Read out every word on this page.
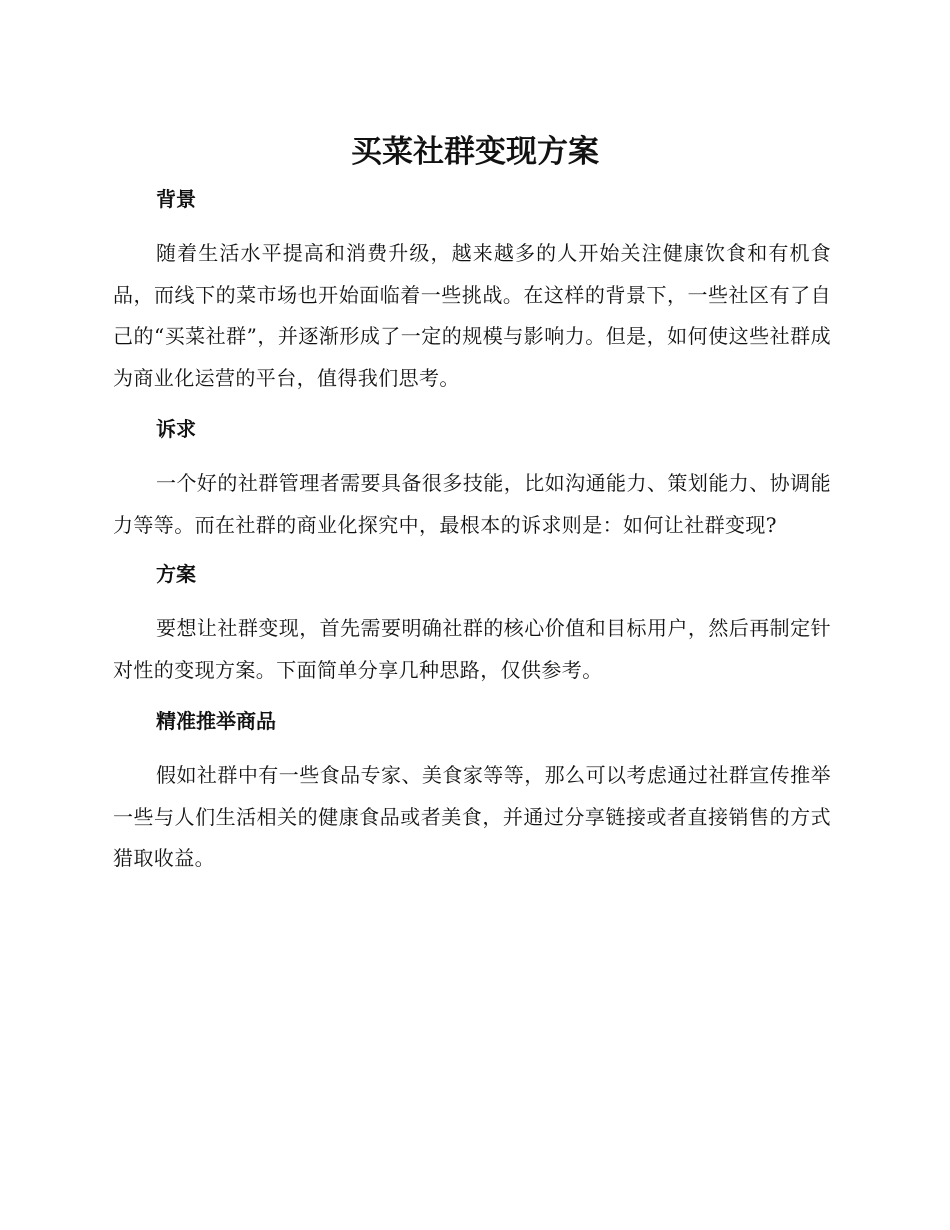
买菜社群变现方案
背景

随着生活水平提高和消费升级，越来越多的人开始关注健康饮食和有机食品，而线下的菜市场也开始面临着一些挑战。在这样的背景下，一些社区有了自己的“买菜社群”，并逐渐形成了一定的规模与影响力。但是，如何使这些社群成为商业化运营的平台，值得我们思考。

诉求

一个好的社群管理者需要具备很多技能，比如沟通能力、策划能力、协调能力等等。而在社群的商业化探究中，最根本的诉求则是：如何让社群变现?

方案

要想让社群变现，首先需要明确社群的核心价值和目标用户，然后再制定针对性的变现方案。下面简单分享几种思路，仅供参考。

精准推举商品

假如社群中有一些食品专家、美食家等等，那么可以考虑通过社群宣传推举一些与人们生活相关的健康食品或者美食，并通过分享链接或者直接销售的方式猎取收益。
